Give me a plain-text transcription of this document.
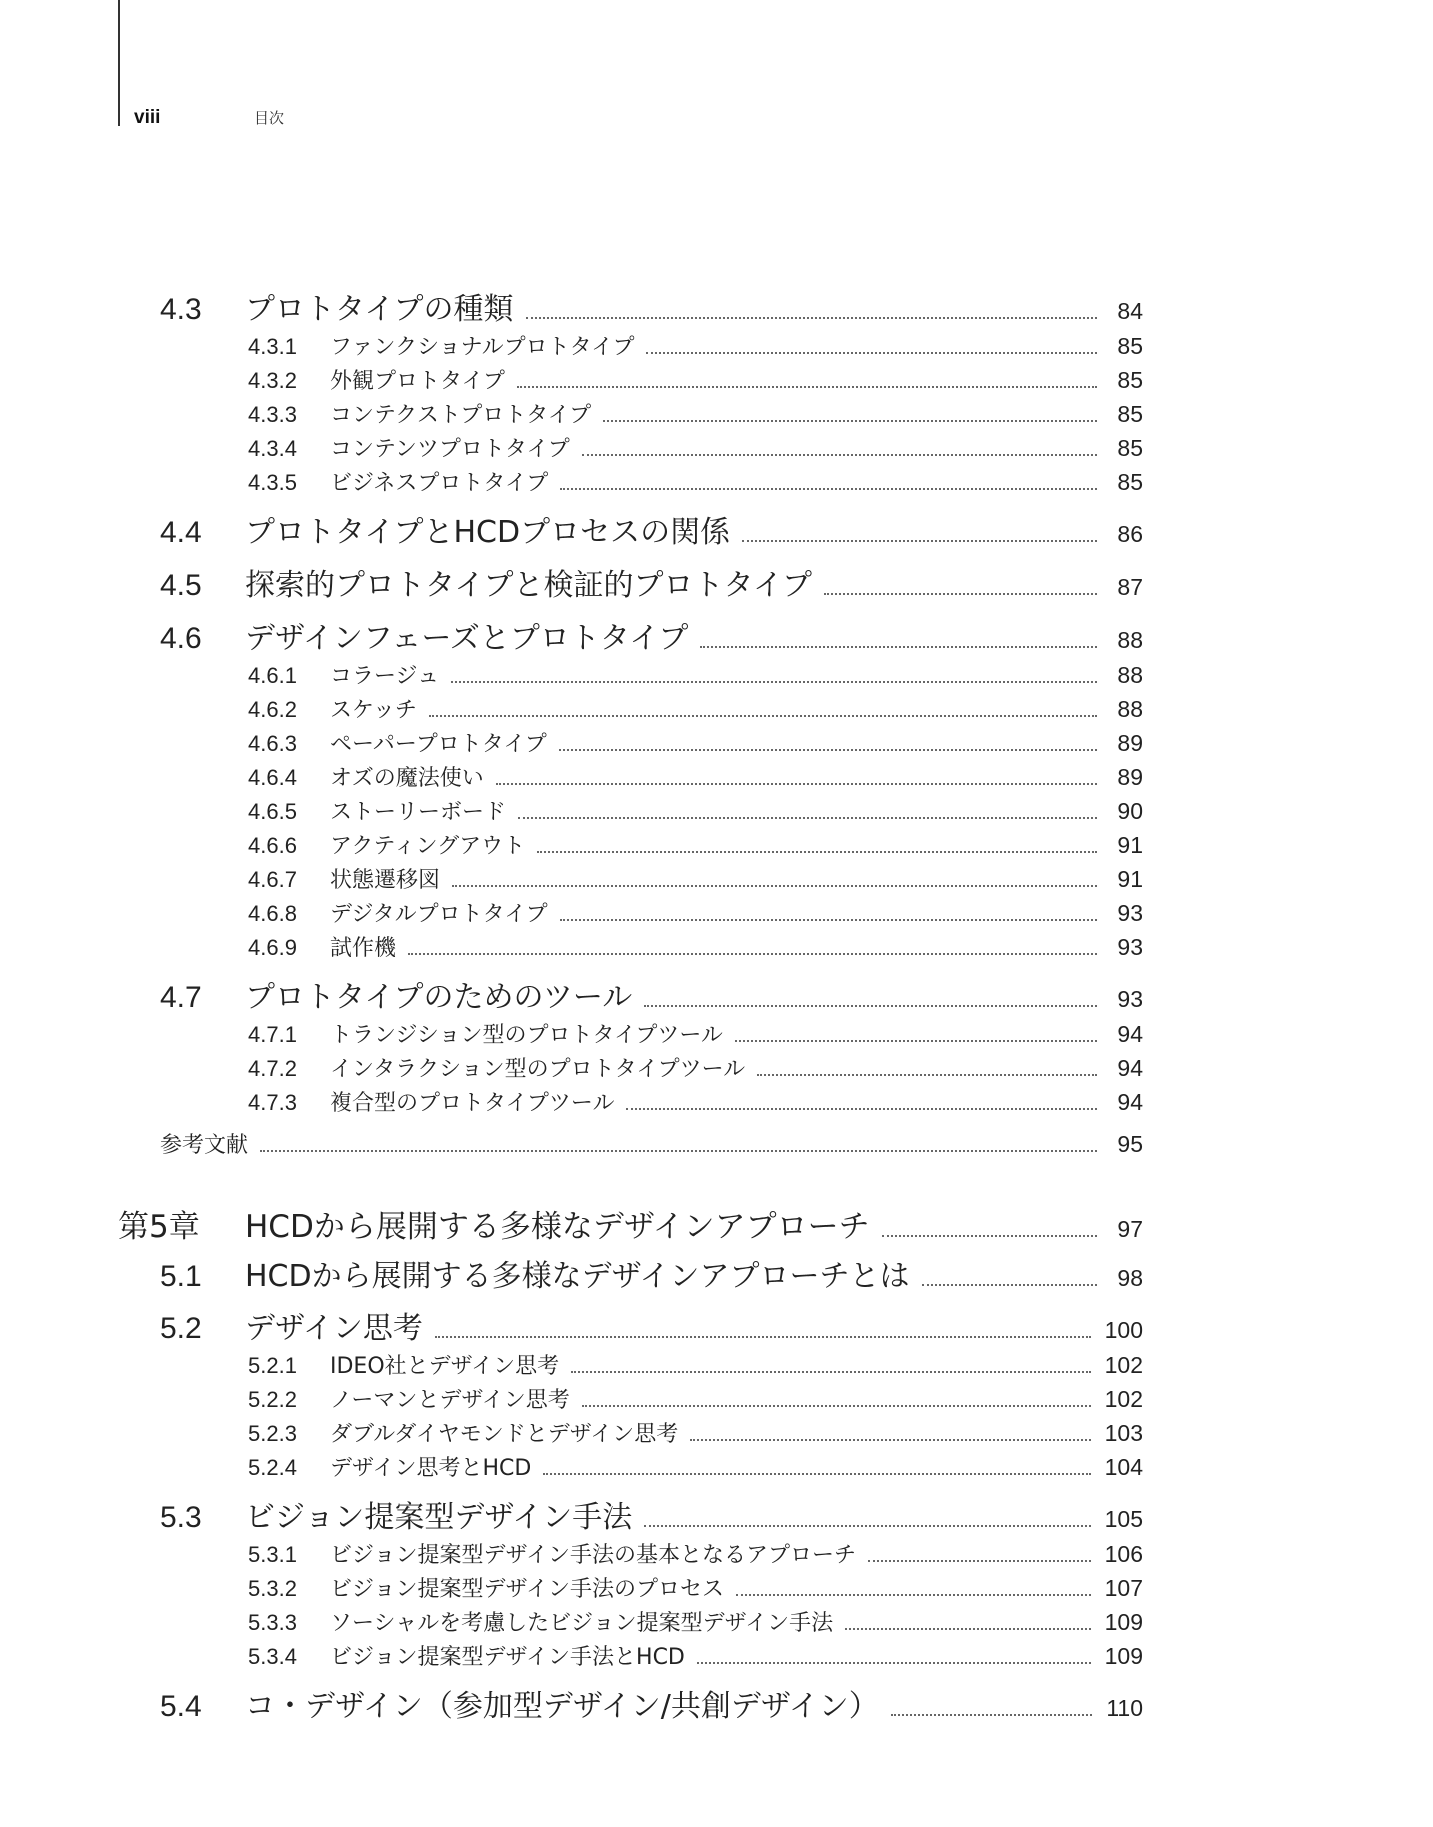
viii	目次
4.3	プロトタイプの種類	84
4.3.1	ファンクショナルプロトタイプ	85
4.3.2	外観プロトタイプ	85
4.3.3	コンテクストプロトタイプ	85
4.3.4	コンテンツプロトタイプ	85
4.3.5	ビジネスプロトタイプ	85
4.4	プロトタイプとHCDプロセスの関係	86
4.5	探索的プロトタイプと検証的プロトタイプ	87
4.6	デザインフェーズとプロトタイプ	88
4.6.1	コラージュ	88
4.6.2	スケッチ	88
4.6.3	ペーパープロトタイプ	89
4.6.4	オズの魔法使い	89
4.6.5	ストーリーボード	90
4.6.6	アクティングアウト	91
4.6.7	状態遷移図	91
4.6.8	デジタルプロトタイプ	93
4.6.9	試作機	93
4.7	プロトタイプのためのツール	93
4.7.1	トランジション型のプロトタイプツール	94
4.7.2	インタラクション型のプロトタイプツール	94
4.7.3	複合型のプロトタイプツール	94
参考文献	95
第5章	HCDから展開する多様なデザインアプローチ	97
5.1	HCDから展開する多様なデザインアプローチとは	98
5.2	デザイン思考	100
5.2.1	IDEO社とデザイン思考	102
5.2.2	ノーマンとデザイン思考	102
5.2.3	ダブルダイヤモンドとデザイン思考	103
5.2.4	デザイン思考とHCD	104
5.3	ビジョン提案型デザイン手法	105
5.3.1	ビジョン提案型デザイン手法の基本となるアプローチ	106
5.3.2	ビジョン提案型デザイン手法のプロセス	107
5.3.3	ソーシャルを考慮したビジョン提案型デザイン手法	109
5.3.4	ビジョン提案型デザイン手法とHCD	109
5.4	コ・デザイン（参加型デザイン/共創デザイン）	110
